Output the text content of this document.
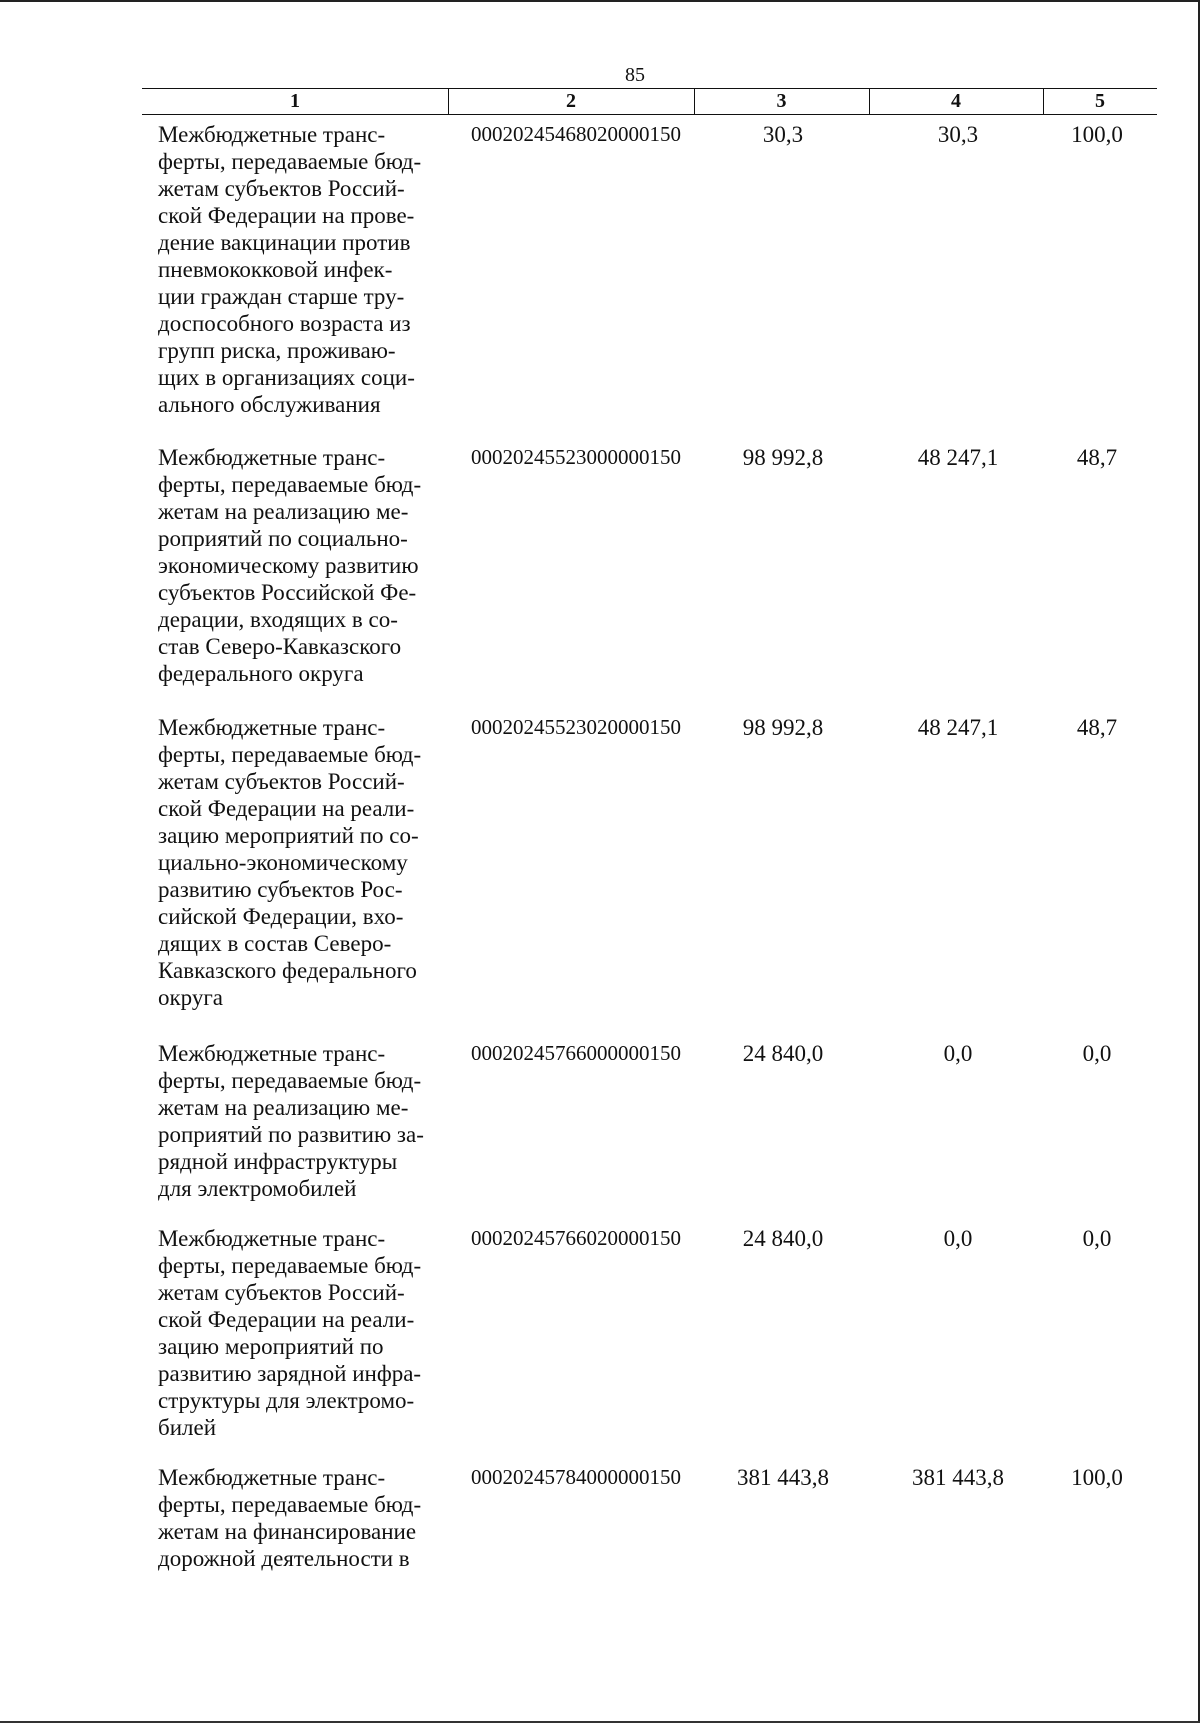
85
1	2	3	4	5
Межбюджетные транс-
ферты, передаваемые бюд-
жетам субъектов Россий-
ской Федерации на прове-
дение вакцинации против
пневмококковой инфек-
ции граждан старше тру-
доспособного возраста из
групп риска, проживаю-
щих в организациях соци-
ального обслуживания
00020245468020000150	30,3	30,3	100,0
Межбюджетные транс-
ферты, передаваемые бюд-
жетам на реализацию ме-
роприятий по социально-
экономическому развитию
субъектов Российской Фе-
дерации, входящих в со-
став Северо-Кавказского
федерального округа
00020245523000000150	98 992,8	48 247,1	48,7
Межбюджетные транс-
ферты, передаваемые бюд-
жетам субъектов Россий-
ской Федерации на реали-
зацию мероприятий по со-
циально-экономическому
развитию субъектов Рос-
сийской Федерации, вхо-
дящих в состав Северо-
Кавказского федерального
округа
00020245523020000150	98 992,8	48 247,1	48,7
Межбюджетные транс-
ферты, передаваемые бюд-
жетам на реализацию ме-
роприятий по развитию за-
рядной инфраструктуры
для электромобилей
00020245766000000150	24 840,0	0,0	0,0
Межбюджетные транс-
ферты, передаваемые бюд-
жетам субъектов Россий-
ской Федерации на реали-
зацию мероприятий по
развитию зарядной инфра-
структуры для электромо-
билей
00020245766020000150	24 840,0	0,0	0,0
Межбюджетные транс-
ферты, передаваемые бюд-
жетам на финансирование
дорожной деятельности в
00020245784000000150	381 443,8	381 443,8	100,0
